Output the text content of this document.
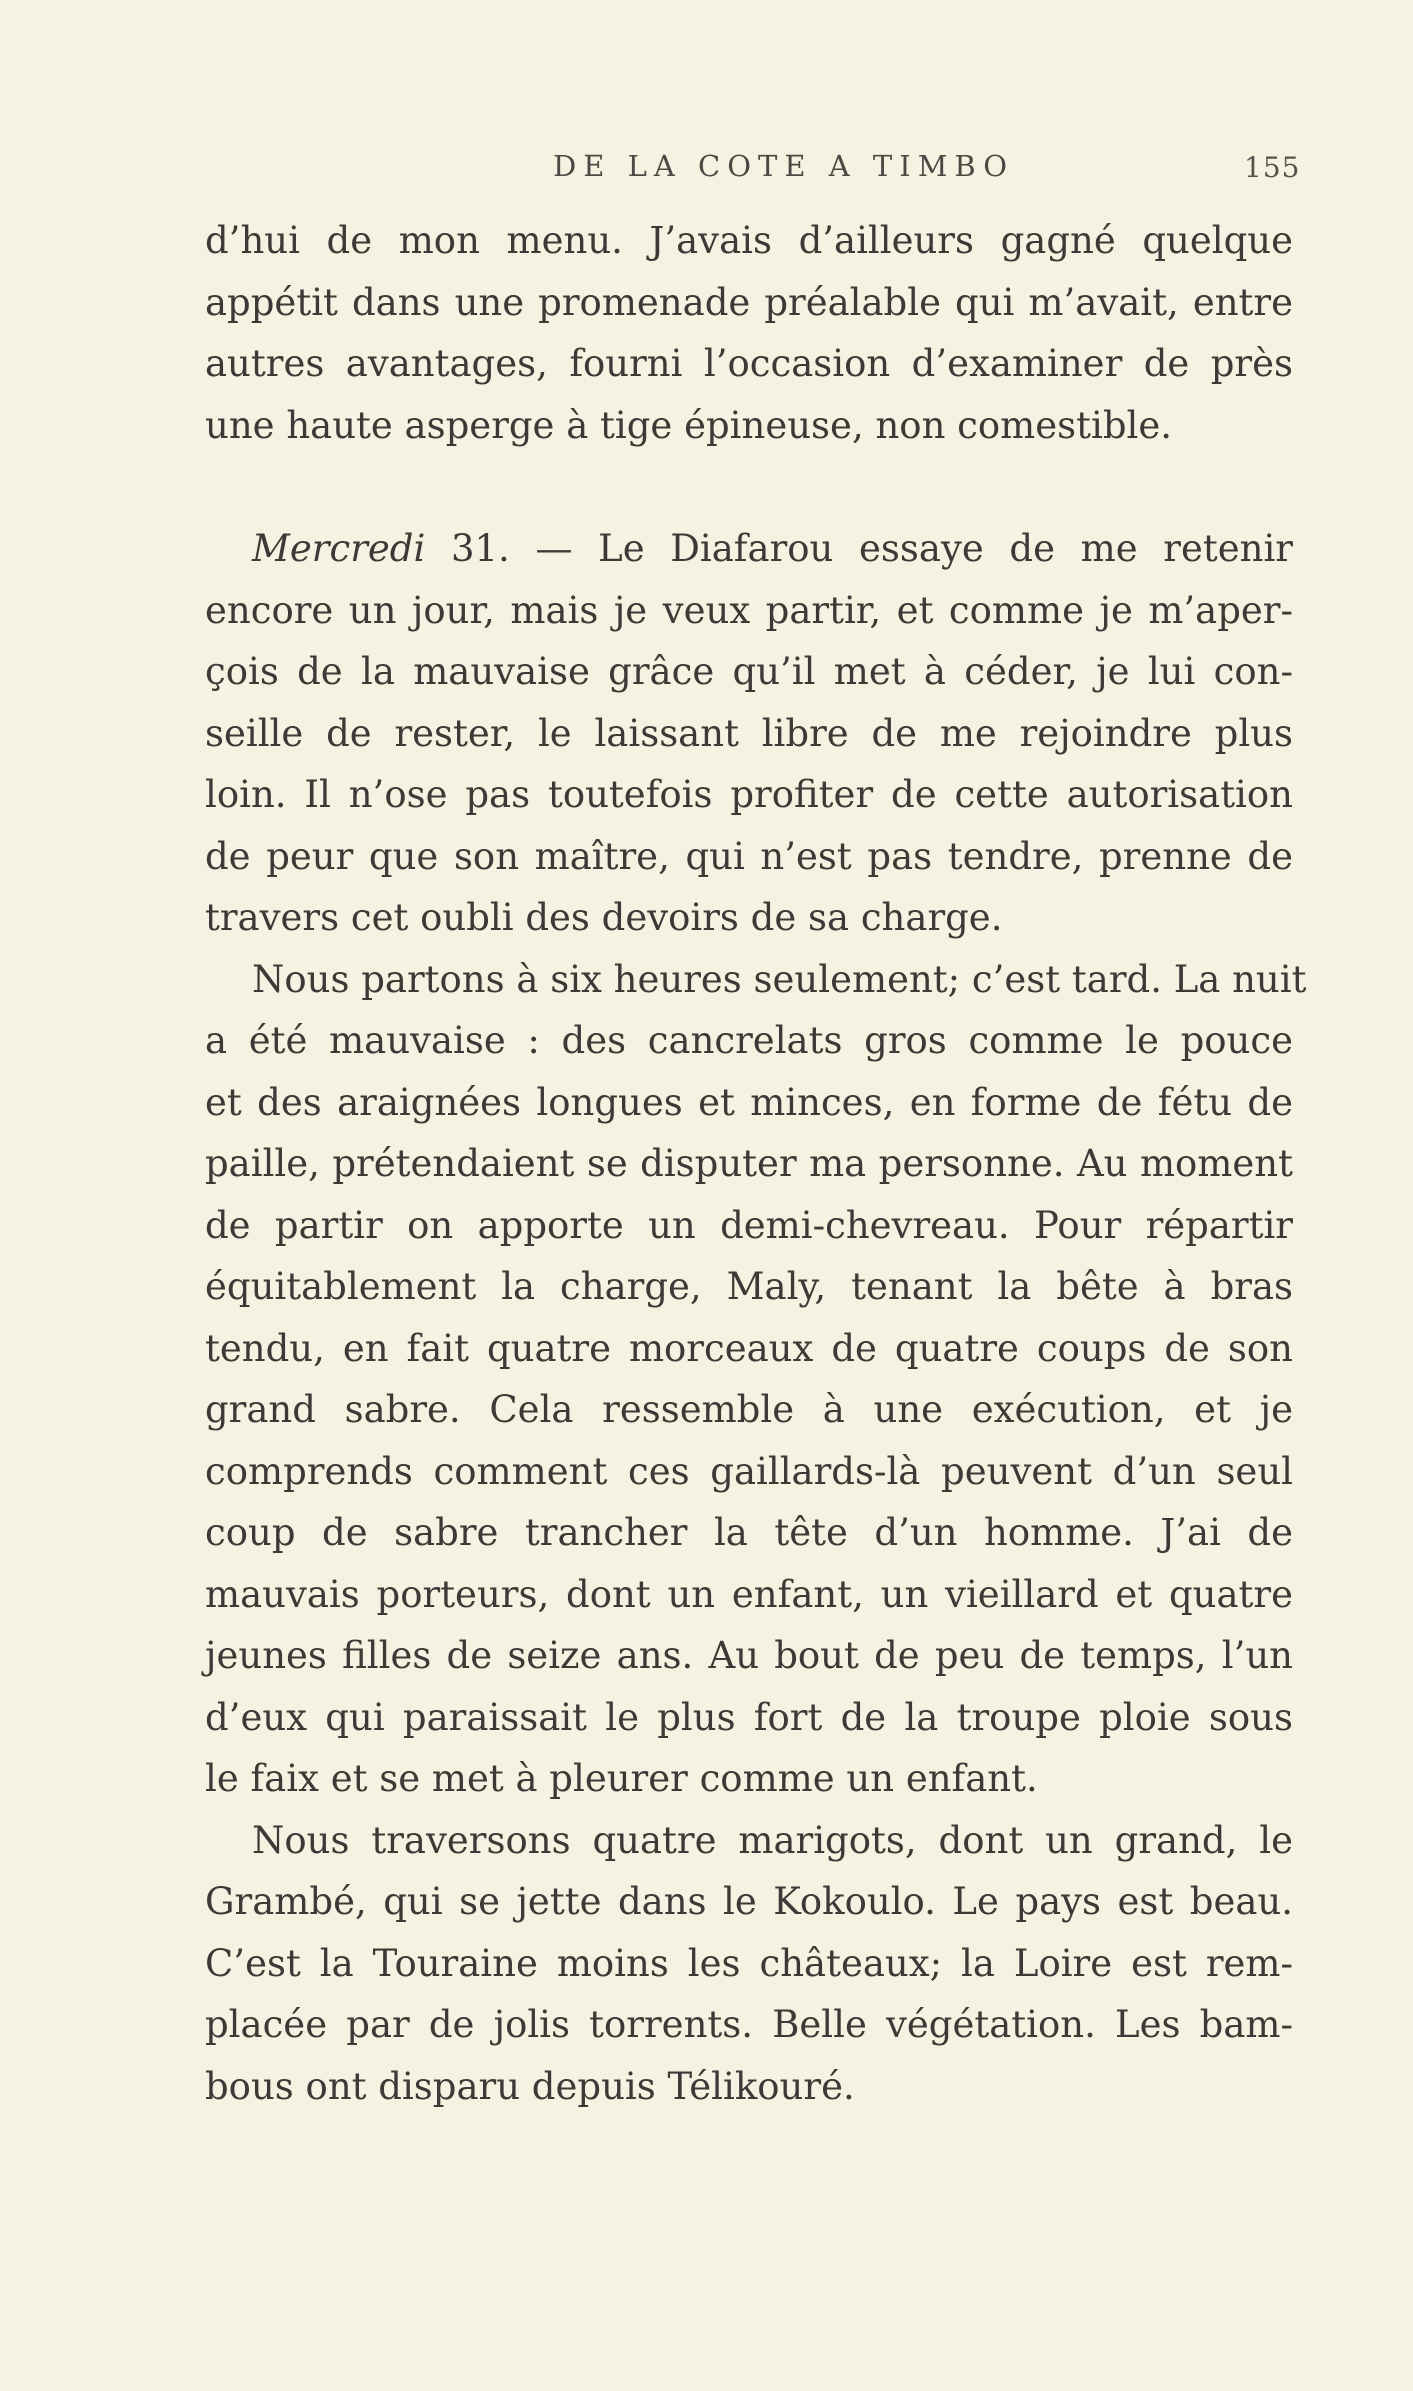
DE LA COTE A TIMBO	155
d’hui de mon menu. J’avais d’ailleurs gagné quelque
appétit dans une promenade préalable qui m’avait, entre
autres avantages, fourni l’occasion d’examiner de près
une haute asperge à tige épineuse, non comestible.
Mercredi 31. — Le Diafarou essaye de me retenir
encore un jour, mais je veux partir, et comme je m’aper-
çois de la mauvaise grâce qu’il met à céder, je lui con-
seille de rester, le laissant libre de me rejoindre plus
loin. Il n’ose pas toutefois profiter de cette autorisation
de peur que son maître, qui n’est pas tendre, prenne de
travers cet oubli des devoirs de sa charge.
Nous partons à six heures seulement; c’est tard. La nuit
a été mauvaise : des cancrelats gros comme le pouce
et des araignées longues et minces, en forme de fétu de
paille, prétendaient se disputer ma personne. Au moment
de partir on apporte un demi-chevreau. Pour répartir
équitablement la charge, Maly, tenant la bête à bras
tendu, en fait quatre morceaux de quatre coups de son
grand sabre. Cela ressemble à une exécution, et je
comprends comment ces gaillards-là peuvent d’un seul
coup de sabre trancher la tête d’un homme. J’ai de
mauvais porteurs, dont un enfant, un vieillard et quatre
jeunes filles de seize ans. Au bout de peu de temps, l’un
d’eux qui paraissait le plus fort de la troupe ploie sous
le faix et se met à pleurer comme un enfant.
Nous traversons quatre marigots, dont un grand, le
Grambé, qui se jette dans le Kokoulo. Le pays est beau.
C’est la Touraine moins les châteaux; la Loire est rem-
placée par de jolis torrents. Belle végétation. Les bam-
bous ont disparu depuis Télikouré.
